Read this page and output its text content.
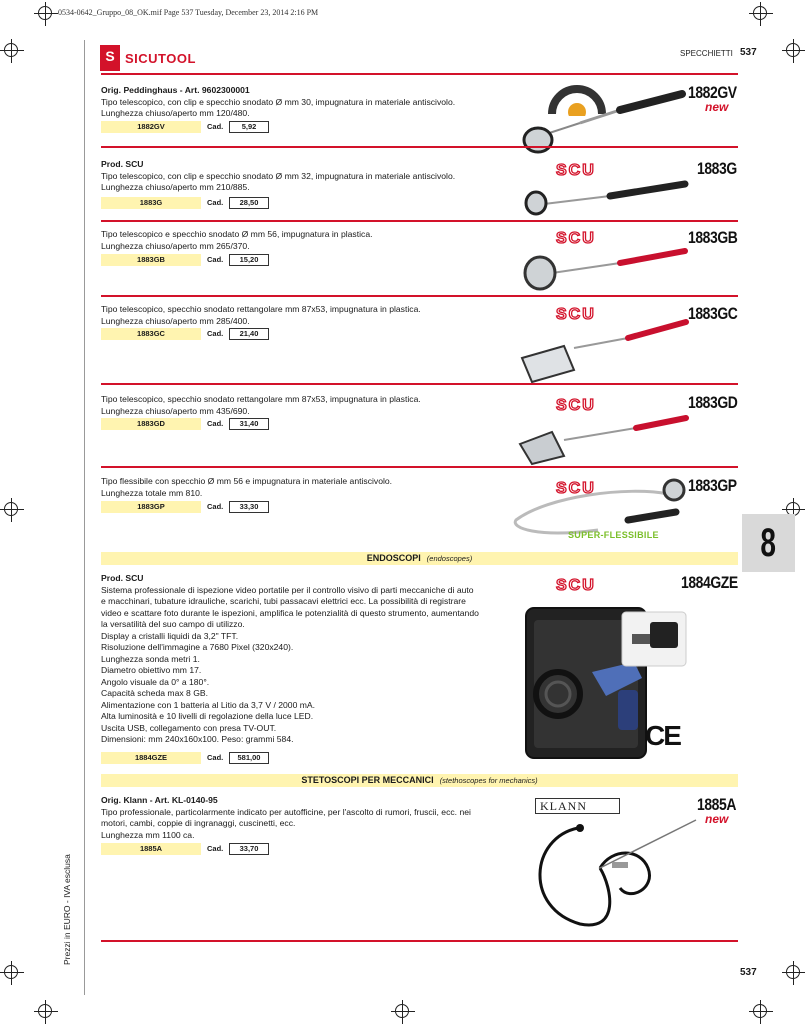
0534-0642_Gruppo_08_OK.mif Page 537 Tuesday, December 23, 2014 2:16 PM
S SICUTOOL	SPECCHIETTI 537

Orig. Peddinghaus - Art. 9602300001

Tipo telescopico, con clip e specchio snodato Ø mm 30, impugnatura in materiale antiscivolo.

Lunghezza chiuso/aperto mm 120/480.

1882GV	Cad.	5,92
1882GV
new

Prod. SCU

Tipo telescopico, con clip e specchio snodato Ø mm 32, impugnatura in materiale antiscivolo.

Lunghezza chiuso/aperto mm 210/885.

1883G	Cad.	28,50
SCU	1883G

Tipo telescopico e specchio snodato Ø mm 56, impugnatura in plastica.

Lunghezza chiuso/aperto mm 265/370.

1883GB	Cad.	15,20
SCU	1883GB

Tipo telescopico, specchio snodato rettangolare mm 87x53, impugnatura in plastica.

Lunghezza chiuso/aperto mm 285/400.

1883GC	Cad.	21,40
SCU	1883GC

Tipo telescopico, specchio snodato rettangolare mm 87x53, impugnatura in plastica.

Lunghezza chiuso/aperto mm 435/690.

1883GD	Cad.	31,40
SCU	1883GD

Tipo flessibile con specchio Ø mm 56 e impugnatura in materiale antiscivolo.

Lunghezza totale mm 810.

1883GP	Cad.	33,30
SCU	1883GP
SUPER-FLESSIBILE	8
ENDOSCOPI (endoscopes)

Prod. SCU

Sistema professionale di ispezione video portatile per il controllo visivo di parti meccaniche di auto

e macchinari, tubature idrauliche, scarichi, tubi passacavi elettrici ecc. La possibilità di registrare

video e scattare foto durante le ispezioni, amplifica le potenzialità di questo strumento, aumentando

la versatilità del suo campo di utilizzo.

Display a cristalli liquidi da 3,2" TFT.

Risoluzione dell'immagine a 7680 Pixel (320x240).

Lunghezza sonda metri 1.

Diametro obiettivo mm 17.

Angolo visuale da 0° a 180°.

Capacità scheda max 8 GB.

Alimentazione con 1 batteria al Litio da 3,7 V / 2000 mA.

Alta luminosità e 10 livelli di regolazione della luce LED.

Uscita USB, collegamento con presa TV-OUT.

Dimensioni: mm 240x160x100. Peso: grammi 584.

1884GZE	Cad.	581,00
SCU	1884GZE
CE
STETOSCOPI PER MECCANICI (stethoscopes for mechanics)

Orig. Klann - Art. KL-0140-95

Tipo professionale, particolarmente indicato per autofficine, per l'ascolto di rumori, fruscii, ecc. nei

motori, cambi, coppie di ingranaggi, cuscinetti, ecc.

Lunghezza mm 1100 ca.

1885A	Cad.	33,70
KLANN	1885A
new
Prezzi in EURO - IVA esclusa
537
